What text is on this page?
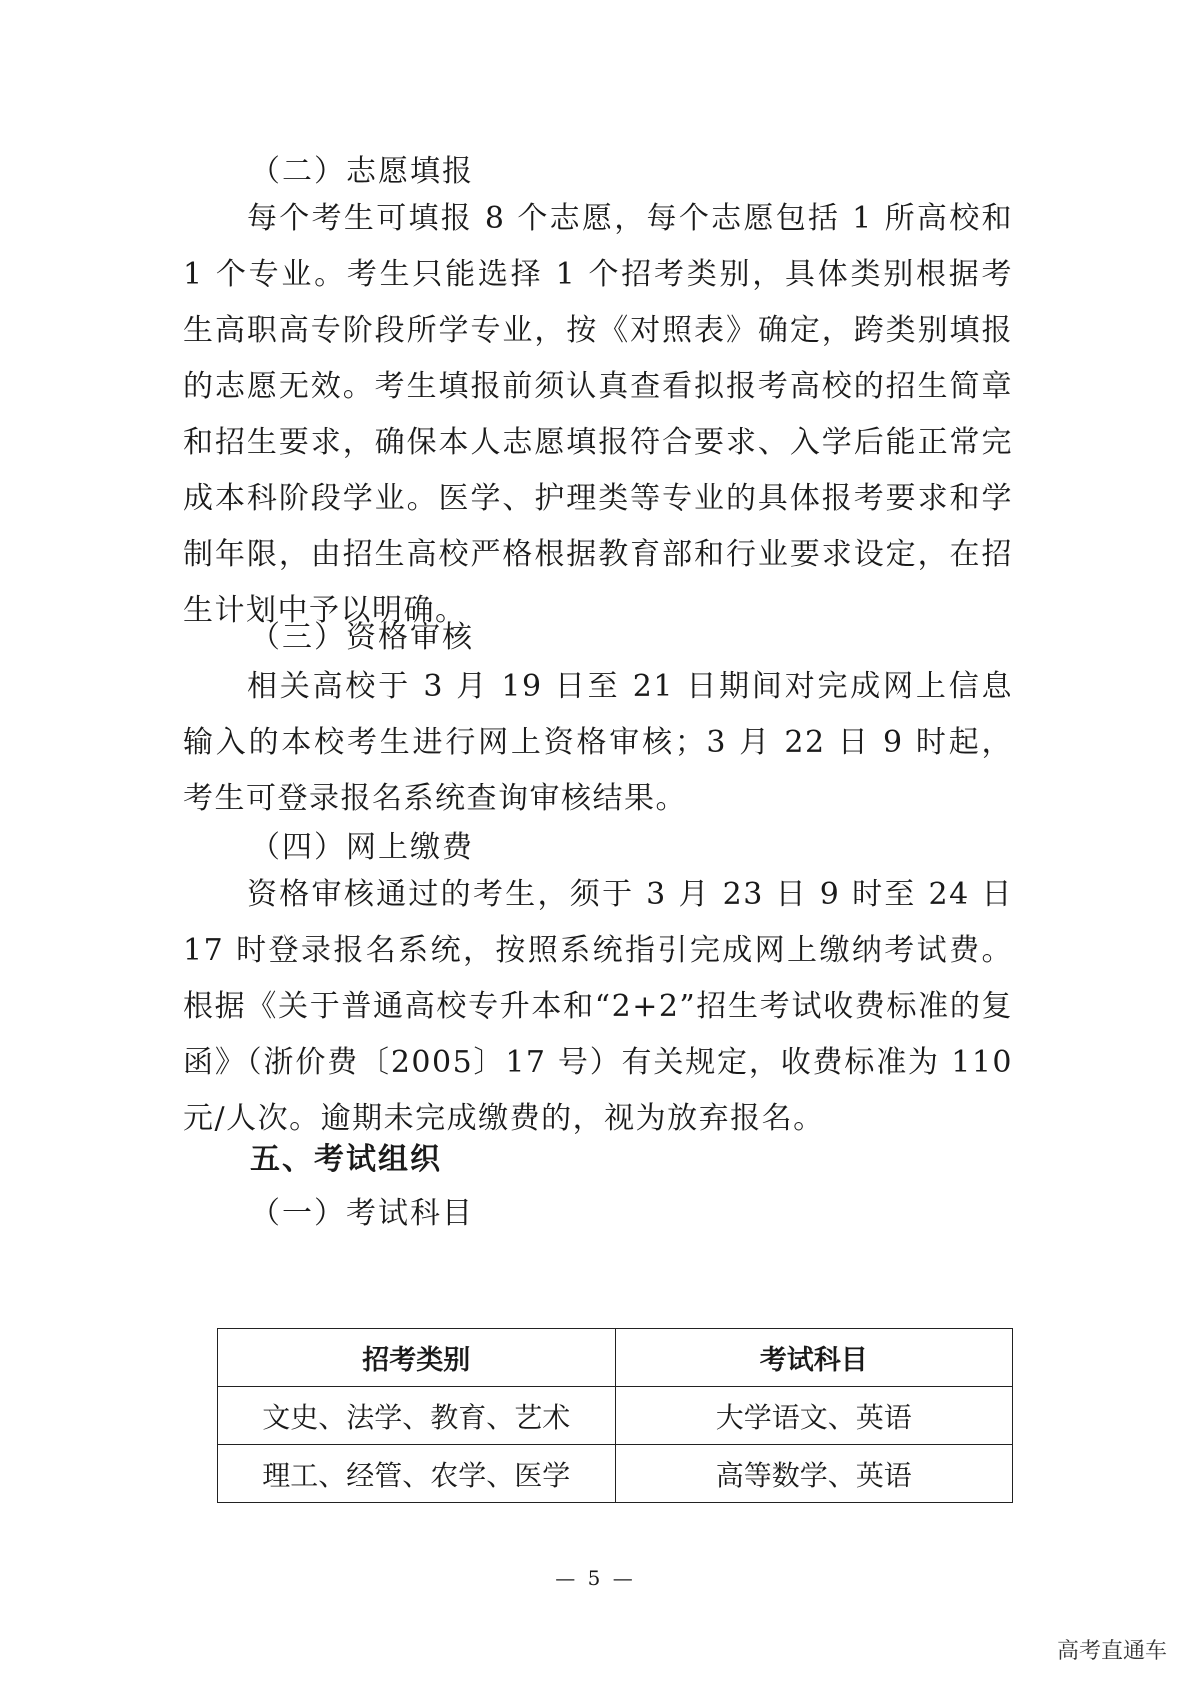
（二）志愿填报
每个考生可填报 8 个志愿，每个志愿包括 1 所高校和 1 个专业。考生只能选择 1 个招考类别，具体类别根据考生高职高专阶段所学专业，按《对照表》确定，跨类别填报的志愿无效。考生填报前须认真查看拟报考高校的招生简章和招生要求，确保本人志愿填报符合要求、入学后能正常完成本科阶段学业。医学、护理类等专业的具体报考要求和学制年限，由招生高校严格根据教育部和行业要求设定，在招生计划中予以明确。
（三）资格审核
相关高校于 3 月 19 日至 21 日期间对完成网上信息输入的本校考生进行网上资格审核；3 月 22 日 9 时起，考生可登录报名系统查询审核结果。
（四）网上缴费
资格审核通过的考生，须于 3 月 23 日 9 时至 24 日 17 时登录报名系统，按照系统指引完成网上缴纳考试费。根据《关于普通高校专升本和“2+2”招生考试收费标准的复函》（浙价费〔2005〕17 号）有关规定，收费标准为 110 元/人次。逾期未完成缴费的，视为放弃报名。
五、考试组织
（一）考试科目
招考类别	考试科目
文史、法学、教育、艺术	大学语文、英语
理工、经管、农学、医学	高等数学、英语
— 5 —
高考直通车
